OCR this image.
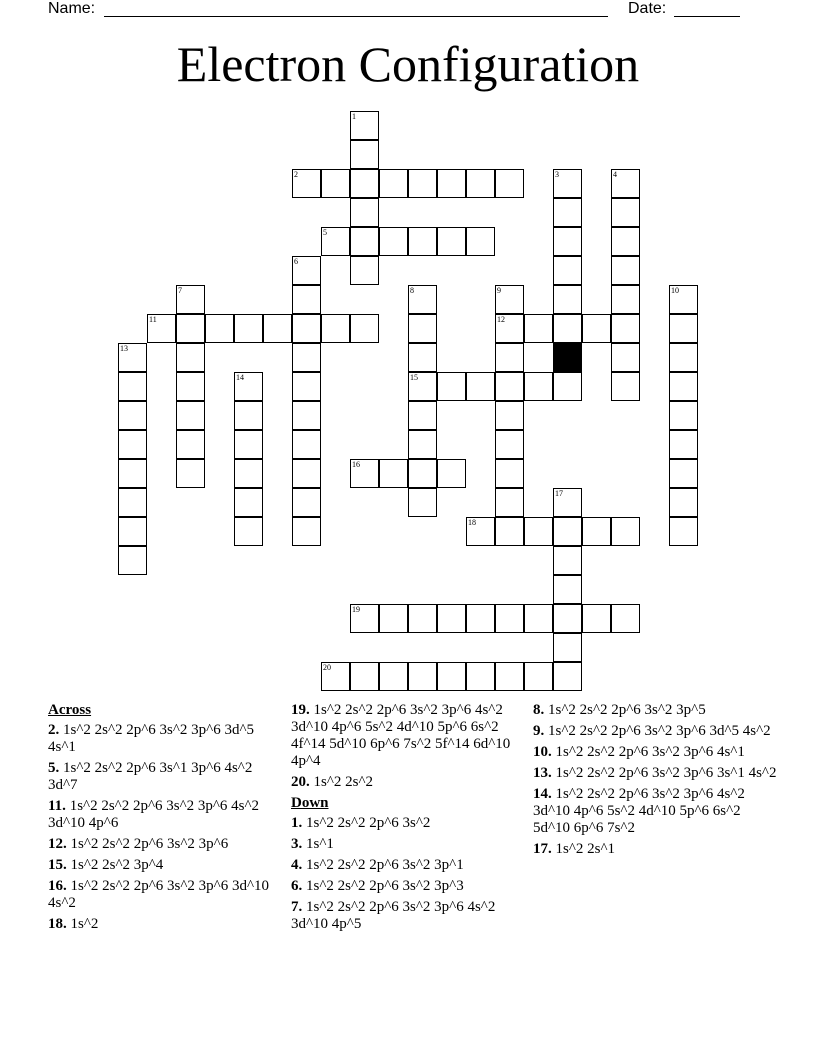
Name:	Date:
Electron Configuration
2
5
11	12
15
16
18
19
20
1
3	4
6
7	8	9	10
13
14
17
Across
2. 1s^2 2s^2 2p^6 3s^2 3p^6 3d^5 4s^1
5. 1s^2 2s^2 2p^6 3s^1 3p^6 4s^2 3d^7
11. 1s^2 2s^2 2p^6 3s^2 3p^6 4s^2 3d^10 4p^6
12. 1s^2 2s^2 2p^6 3s^2 3p^6
15. 1s^2 2s^2 3p^4
16. 1s^2 2s^2 2p^6 3s^2 3p^6 3d^10 4s^2
18. 1s^2
19. 1s^2 2s^2 2p^6 3s^2 3p^6 4s^2 3d^10 4p^6 5s^2 4d^10 5p^6 6s^2 4f^14 5d^10 6p^6 7s^2 5f^14 6d^10 4p^4
20. 1s^2 2s^2
Down
1. 1s^2 2s^2 2p^6 3s^2
3. 1s^1
4. 1s^2 2s^2 2p^6 3s^2 3p^1
6. 1s^2 2s^2 2p^6 3s^2 3p^3
7. 1s^2 2s^2 2p^6 3s^2 3p^6 4s^2 3d^10 4p^5
8. 1s^2 2s^2 2p^6 3s^2 3p^5
9. 1s^2 2s^2 2p^6 3s^2 3p^6 3d^5 4s^2
10. 1s^2 2s^2 2p^6 3s^2 3p^6 4s^1
13. 1s^2 2s^2 2p^6 3s^2 3p^6 3s^1 4s^2
14. 1s^2 2s^2 2p^6 3s^2 3p^6 4s^2 3d^10 4p^6 5s^2 4d^10 5p^6 6s^2 5d^10 6p^6 7s^2
17. 1s^2 2s^1
